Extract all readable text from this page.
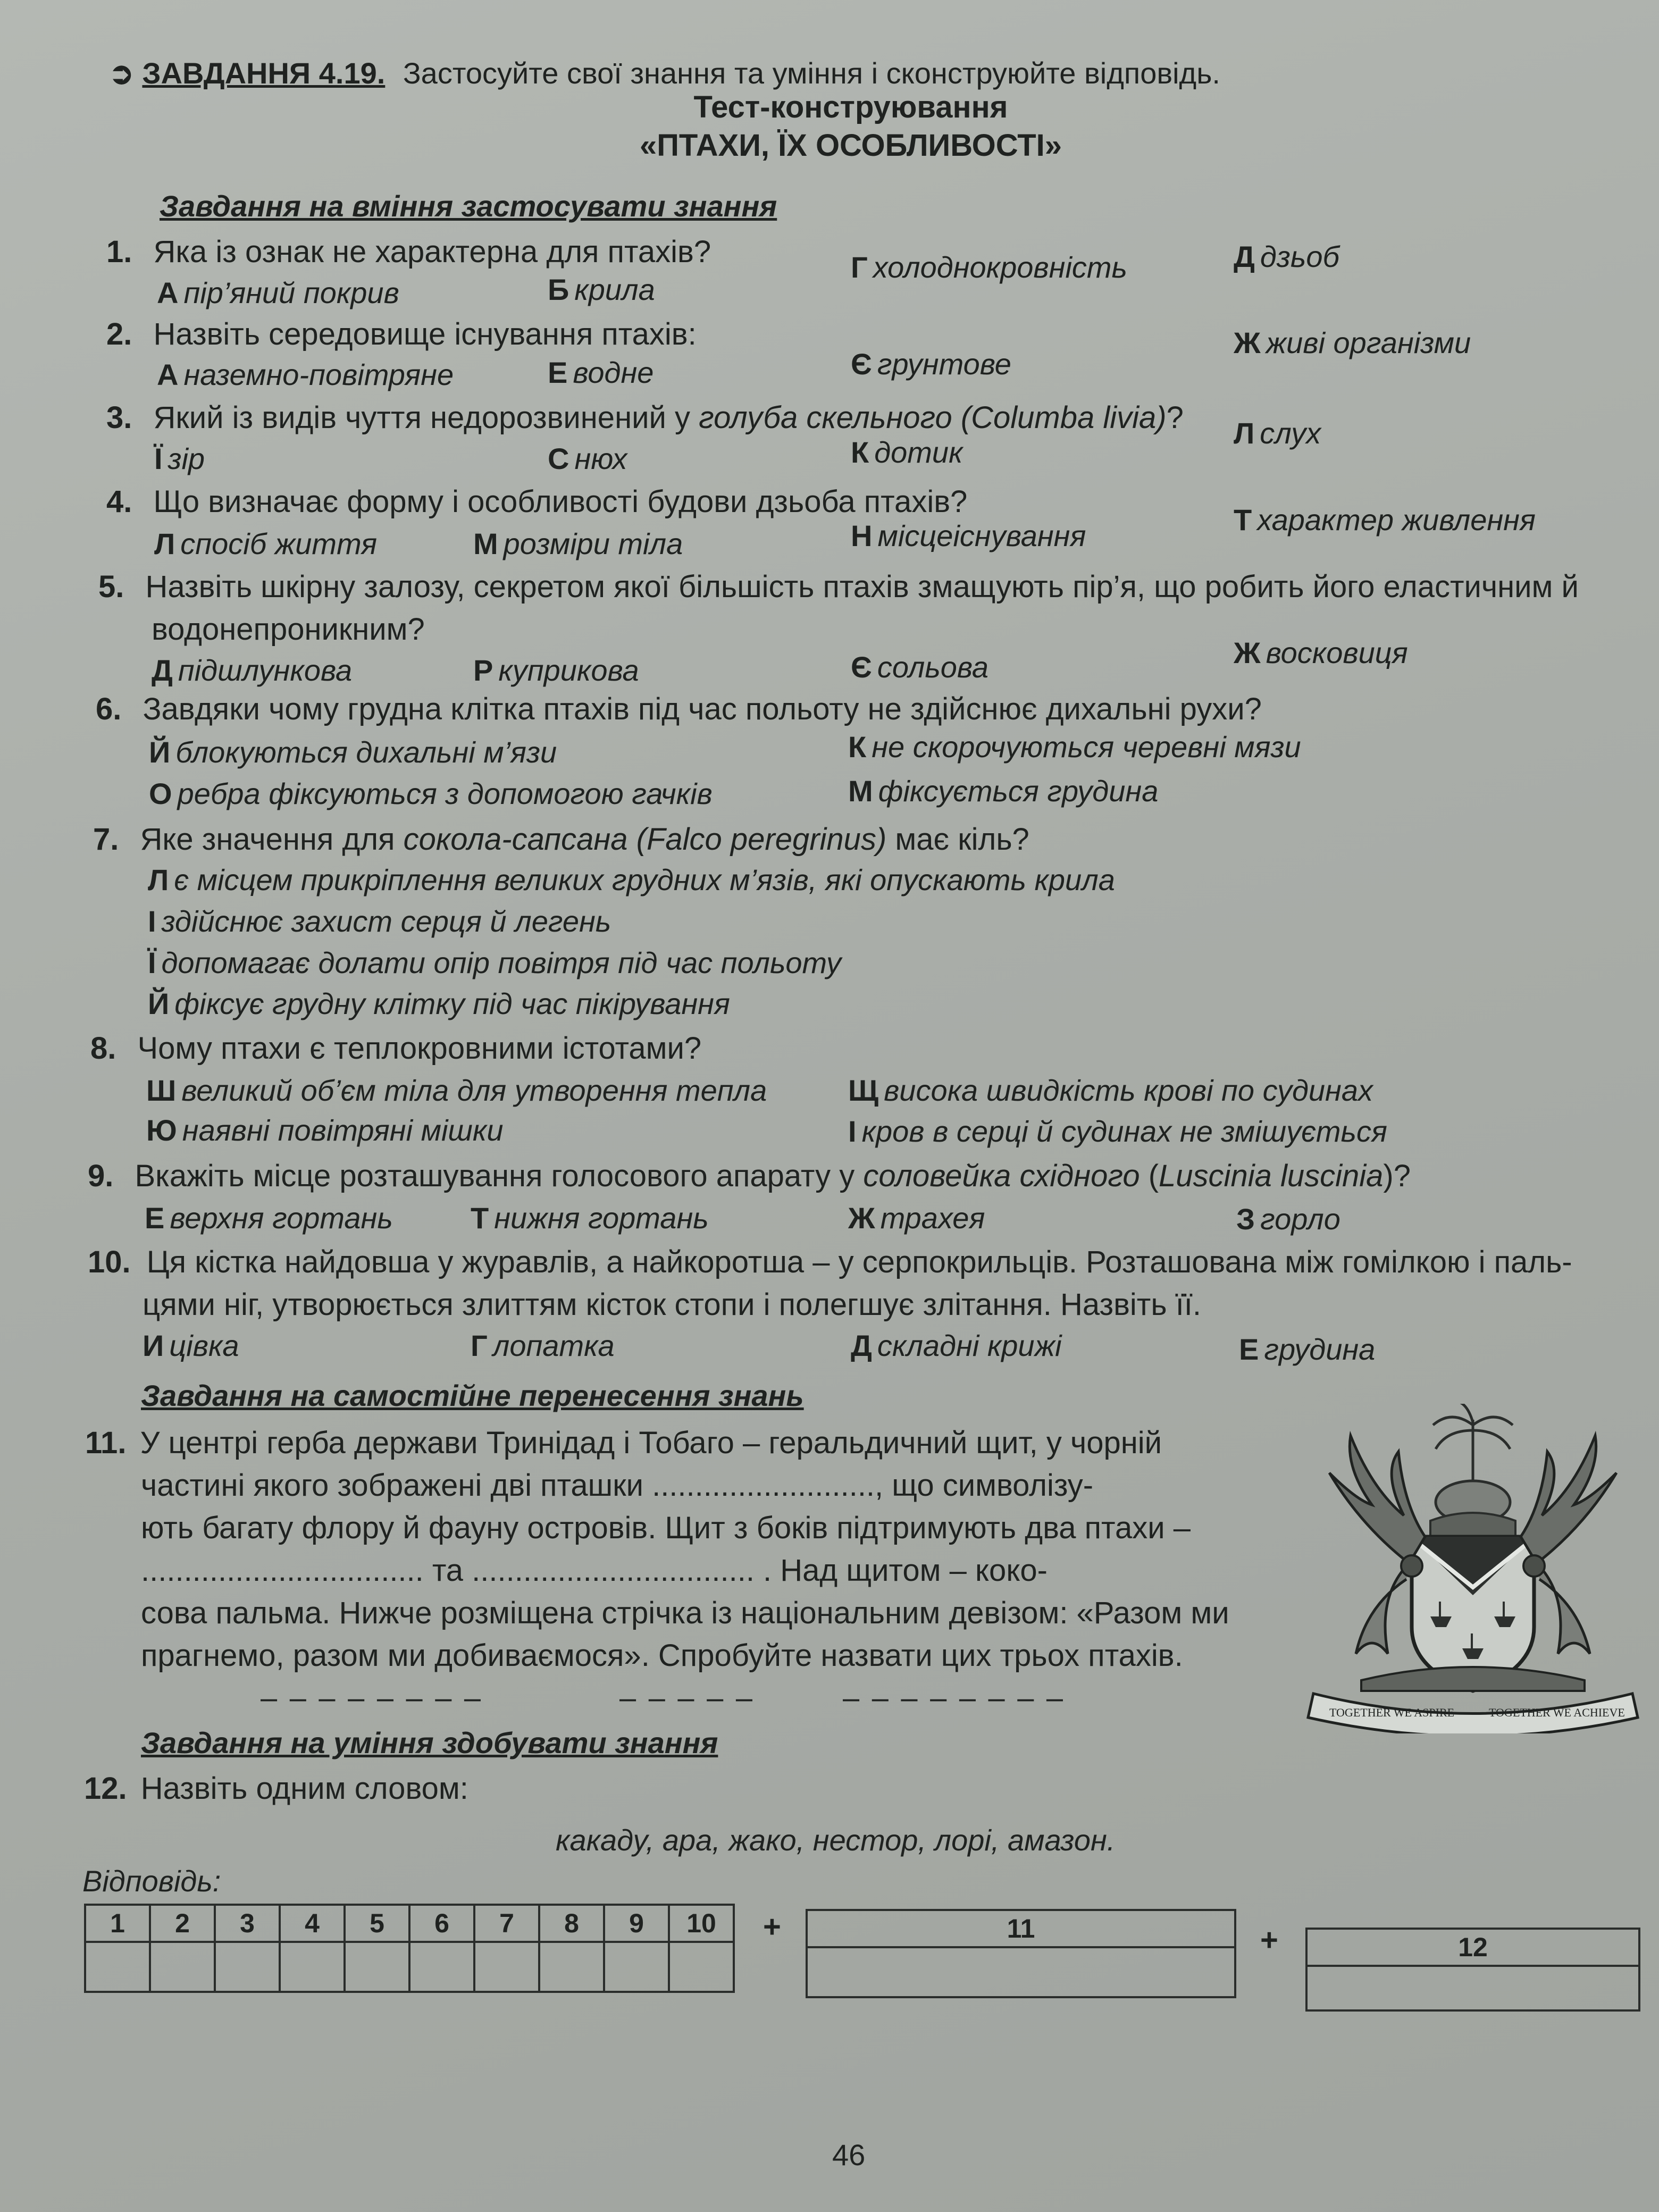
➲ ЗАВДАННЯ 4.19. Застосуйте свої знання та уміння і сконструюйте відповідь.
Тест-конструювання
«ПТАХИ, ЇХ ОСОБЛИВОСТІ»
Завдання на вміння застосувати знання
1. Яка із ознак не характерна для птахів?
А пір’яний покрив	Б крила
Г холоднокровність	Д дзьоб
2. Назвіть середовище існування птахів:
А наземно-повітряне	Е водне	Є грунтове
Ж живі організми
3. Який із видів чуття недорозвинений у голуба скельного (Columba livia)?
Ї зір	С нюх	К дотик
Л слух
4. Що визначає форму і особливості будови дзьоба птахів?
Л спосіб життя	М розміри тіла	Н місцеіснування	Т характер живлення
5. Назвіть шкірну залозу, секретом якої більшість птахів змащують пір’я, що робить його еластичним й
водонепроникним?
Д підшлункова	Р куприкова	Є сольова	Ж восковиця
6. Завдяки чому грудна клітка птахів під час польоту не здійснює дихальні рухи?
Й блокуються дихальні м’язи	К не скорочуються черевні мязи
О ребра фіксуються з допомогою гачків	М фіксується грудина
7. Яке значення для сокола-сапсана (Falco peregrinus) має кіль?
Л є місцем прикріплення великих грудних м’язів, які опускають крила
І здійснює захист серця й легень
Ї допомагає долати опір повітря під час польоту
Й фіксує грудну клітку під час пікірування
8. Чому птахи є теплокровними істотами?
Ш великий об’єм тіла для утворення тепла	Щ висока швидкість крові по судинах
Ю наявні повітряні мішки	І кров в серці й судинах не змішується
9. Вкажіть місце розташування голосового апарату у соловейка східного (Luscinia luscinia)?
Е верхня гортань	Т нижня гортань	Ж трахея	З горло
10. Ця кістка найдовша у журавлів, а найкоротша – у серпокрильців. Розташована між гомілкою і паль-
цями ніг, утворюється злиттям кісток стопи і полегшує злітання. Назвіть її.
И цівка	Г лопатка	Д складні крижі	Е грудина
Завдання на самостійне перенесення знань
11. У центрі герба держави Тринідад і Тобаго – геральдичний щит, у чорній
частині якого зображені дві пташки .........................., що символізу-
ють багату флору й фауну островів. Щит з боків підтримують два птахи –
................................. та ................................. . Над щитом – коко-
сова пальма. Нижче розміщена стрічка із національним девізом: «Разом ми
прагнемо, разом ми добиваємося». Спробуйте назвати цих трьох птахів.
– – – – – – – –	– – – – –	– – – – – – – –	TOGETHER WE ASPIRE	TOGETHER WE ACHIEVE
Завдання на уміння здобувати знання
12. Назвіть одним словом:
какаду, ара, жако, нестор, лорі, амазон.
Відповідь:
1	2	3	4	5	6	7	8	9	10
									+	11	+	12

46
